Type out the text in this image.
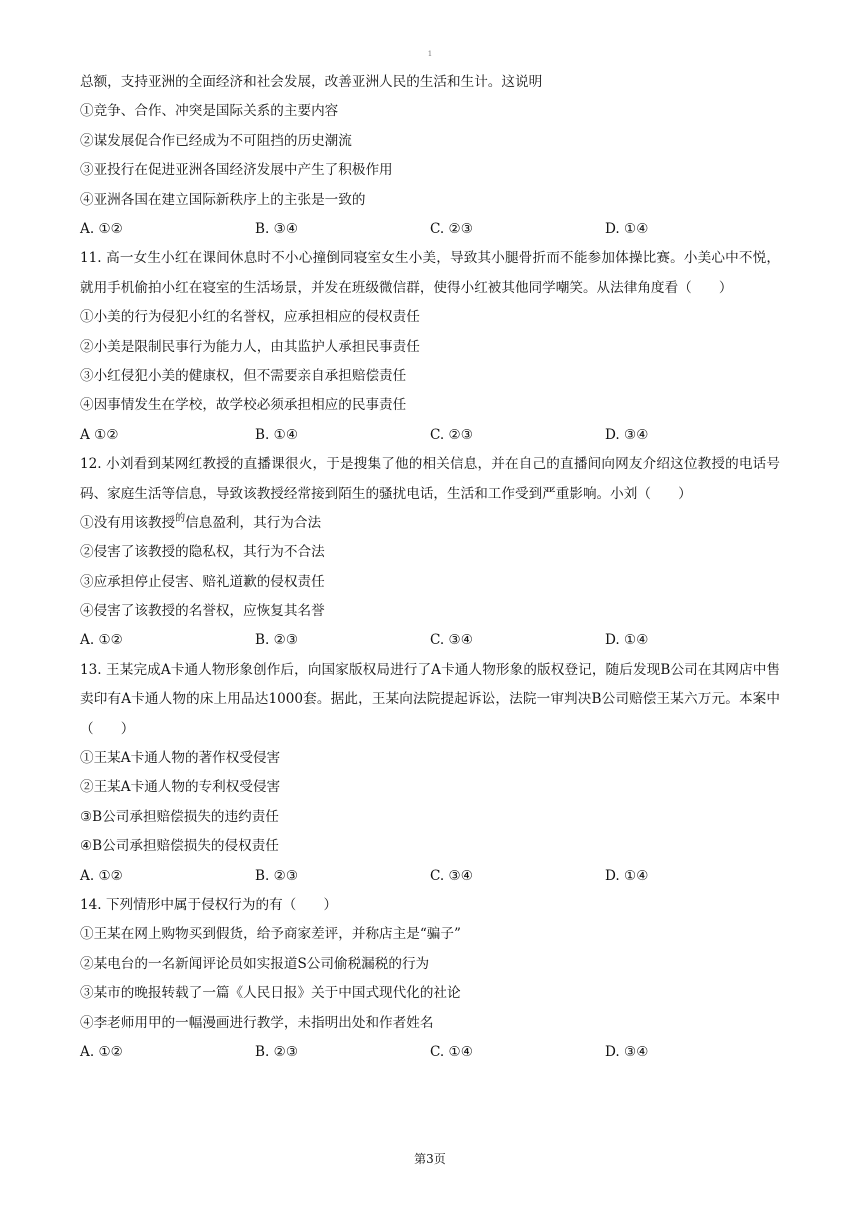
1
总额，支持亚洲的全面经济和社会发展，改善亚洲人民的生活和生计。这说明
①竞争、合作、冲突是国际关系的主要内容
②谋发展促合作已经成为不可阻挡的历史潮流
③亚投行在促进亚洲各国经济发展中产生了积极作用
④亚洲各国在建立国际新秩序上的主张是一致的
A. ①②	B. ③④	C. ②③	D. ①④
11. 高一女生小红在课间休息时不小心撞倒同寝室女生小美，导致其小腿骨折而不能参加体操比赛。小美心中不悦，就用手机偷拍小红在寝室的生活场景，并发在班级微信群，使得小红被其他同学嘲笑。从法律角度看（　　）
①小美的行为侵犯小红的名誉权，应承担相应的侵权责任
②小美是限制民事行为能力人，由其监护人承担民事责任
③小红侵犯小美的健康权，但不需要亲自承担赔偿责任
④因事情发生在学校，故学校必须承担相应的民事责任
A ①②	B. ①④	C. ②③	D. ③④
12. 小刘看到某网红教授的直播课很火，于是搜集了他的相关信息，并在自己的直播间向网友介绍这位教授的电话号码、家庭生活等信息，导致该教授经常接到陌生的骚扰电话，生活和工作受到严重影响。小刘（　　）
①没有用该教授$^的$信息盈利，其行为合法
②侵害了该教授的隐私权，其行为不合法
③应承担停止侵害、赔礼道歉的侵权责任
④侵害了该教授的名誉权，应恢复其名誉
A. ①②	B. ②③	C. ③④	D. ①④
13. 王某完成A卡通人物形象创作后，向国家版权局进行了A卡通人物形象的版权登记，随后发现B公司在其网店中售卖印有A卡通人物的床上用品达1000套。据此，王某向法院提起诉讼，法院一审判决B公司赔偿王某六万元。本案中（　　）
①王某A卡通人物的著作权受侵害
②王某A卡通人物的专利权受侵害
③B公司承担赔偿损失的违约责任
④B公司承担赔偿损失的侵权责任
A. ①②	B. ②③	C. ③④	D. ①④
14. 下列情形中属于侵权行为的有（　　）
①王某在网上购物买到假货，给予商家差评，并称店主是“骗子”
②某电台的一名新闻评论员如实报道S公司偷税漏税的行为
③某市的晚报转载了一篇《人民日报》关于中国式现代化的社论
④李老师用甲的一幅漫画进行教学，未指明出处和作者姓名
A. ①②	B. ②③	C. ①④	D. ③④
第3页
